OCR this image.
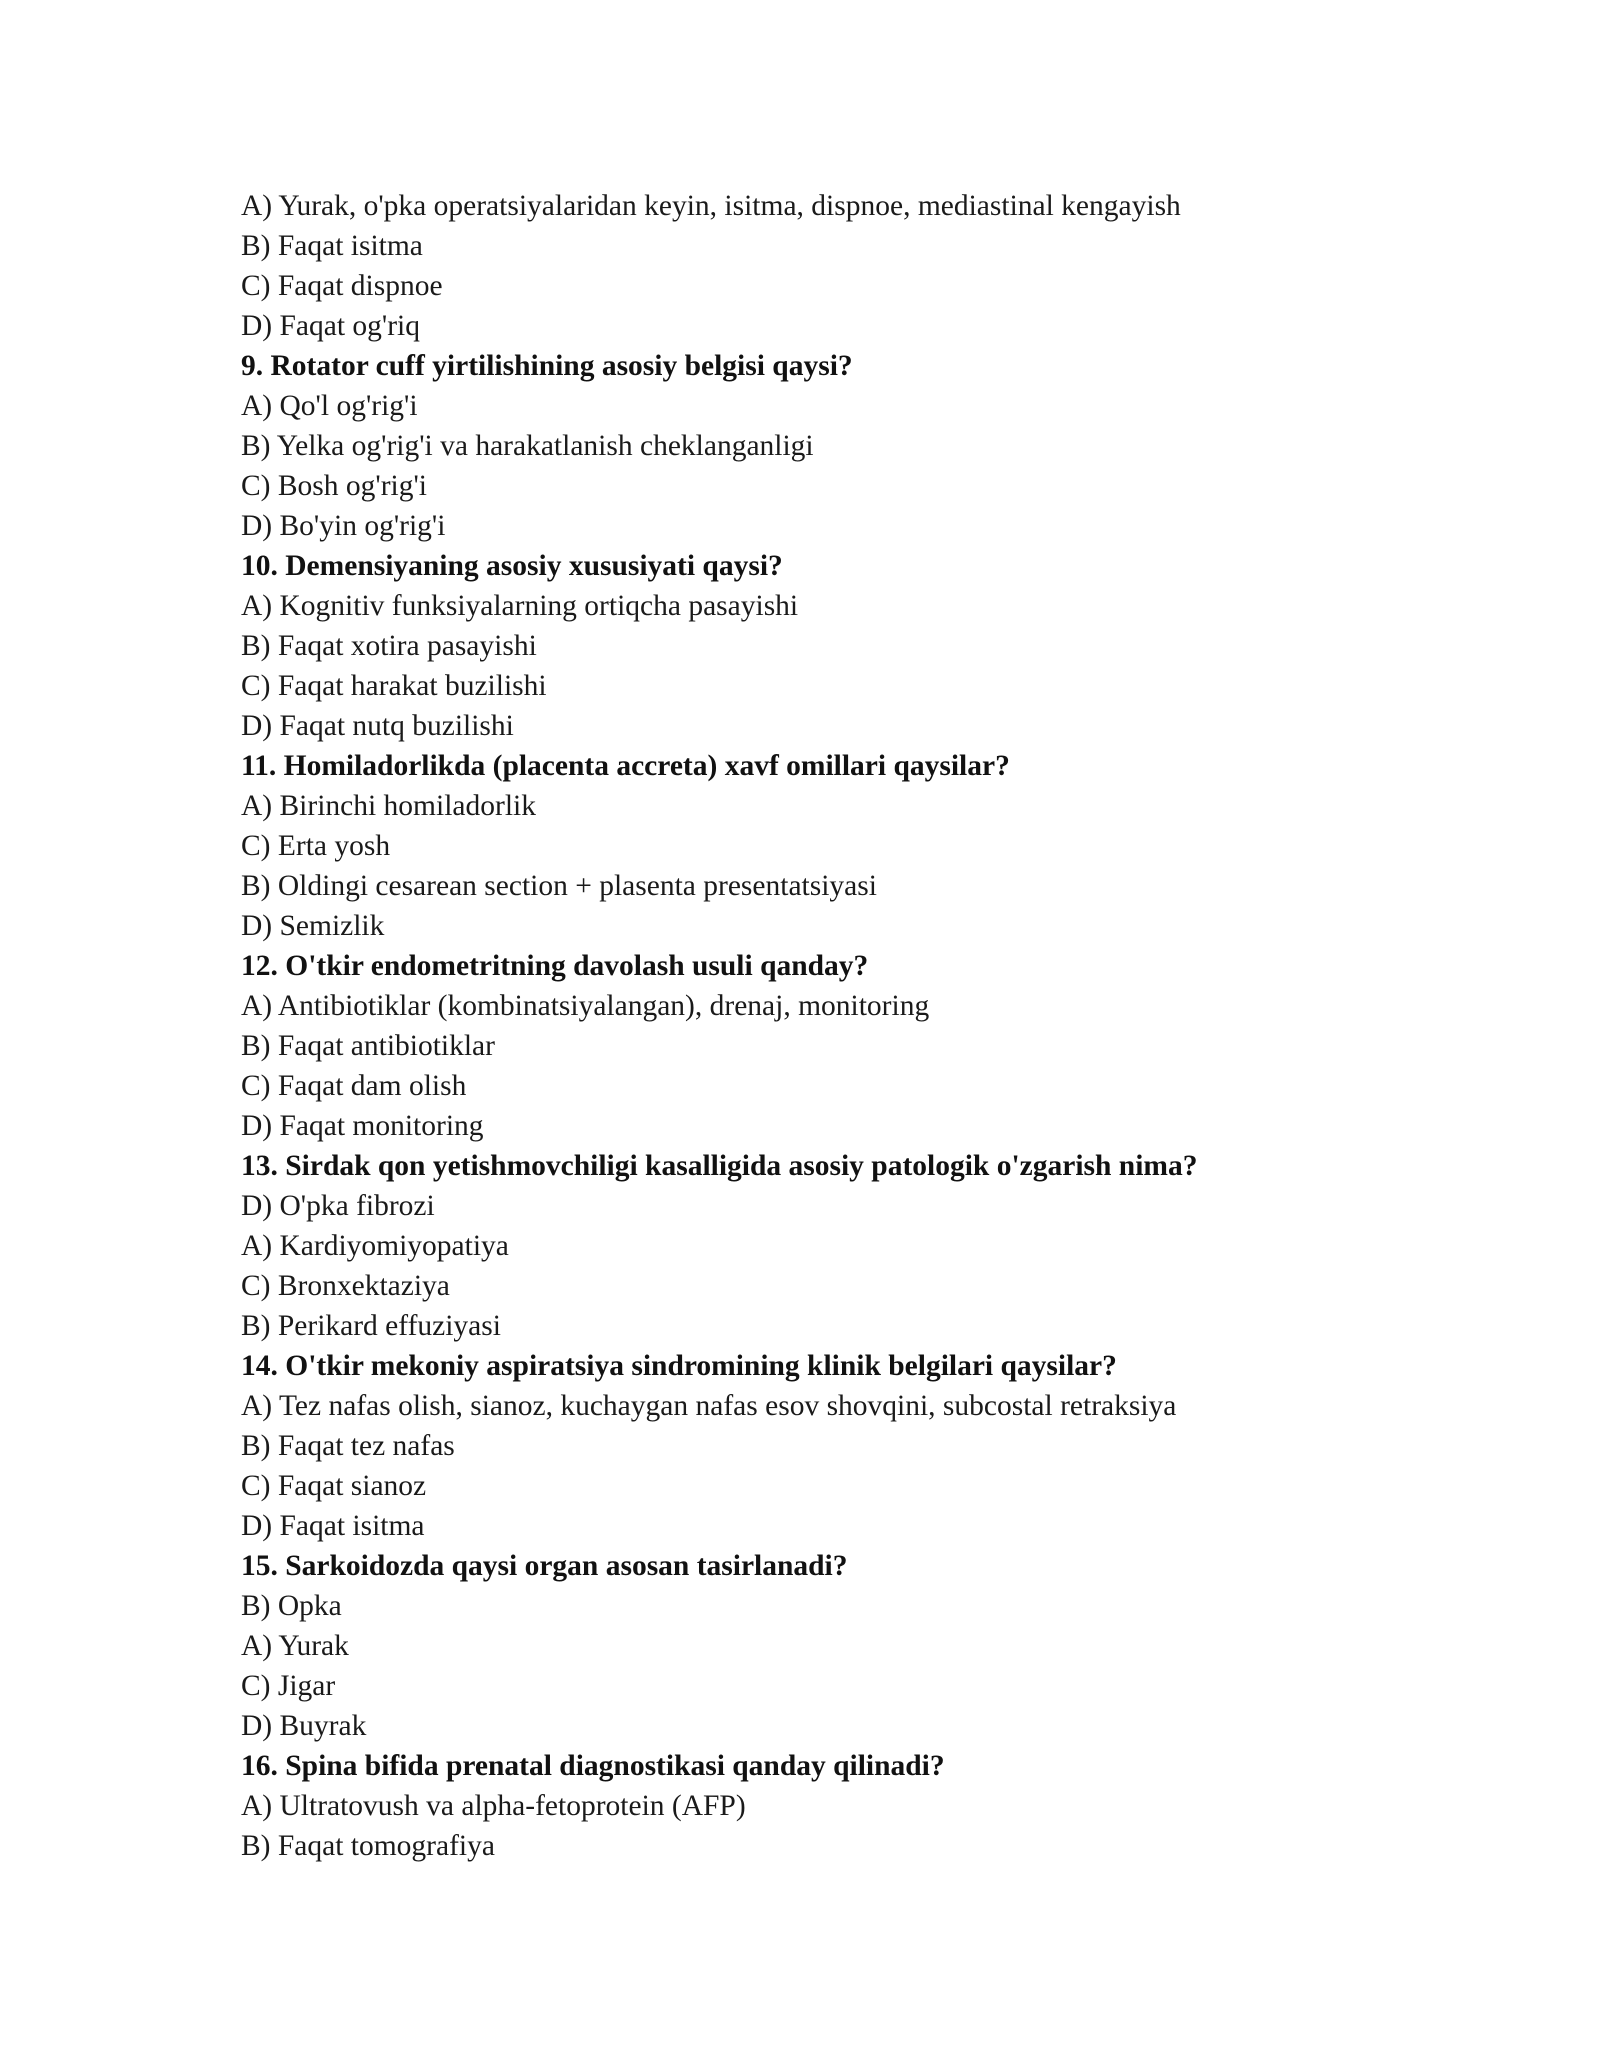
A) Yurak, o'pka operatsiyalaridan keyin, isitma, dispnoe, mediastinal kengayish
B) Faqat isitma
C) Faqat dispnoe
D) Faqat og'riq
9. Rotator cuff yirtilishining asosiy belgisi qaysi?
A) Qo'l og'rig'i
B) Yelka og'rig'i va harakatlanish cheklanganligi
C) Bosh og'rig'i
D) Bo'yin og'rig'i
10. Demensiyaning asosiy xususiyati qaysi?
A) Kognitiv funksiyalarning ortiqcha pasayishi
B) Faqat xotira pasayishi
C) Faqat harakat buzilishi
D) Faqat nutq buzilishi
11. Homiladorlikda (placenta accreta) xavf omillari qaysilar?
A) Birinchi homiladorlik
C) Erta yosh
B) Oldingi cesarean section + plasenta presentatsiyasi
D) Semizlik
12. O'tkir endometritning davolash usuli qanday?
A) Antibiotiklar (kombinatsiyalangan), drenaj, monitoring
B) Faqat antibiotiklar
C) Faqat dam olish
D) Faqat monitoring
13. Sirdak qon yetishmovchiligi kasalligida asosiy patologik o'zgarish nima?
D) O'pka fibrozi
A) Kardiyomiyopatiya
C) Bronxektaziya
B) Perikard effuziyasi
14. O'tkir mekoniy aspiratsiya sindromining klinik belgilari qaysilar?
A) Tez nafas olish, sianoz, kuchaygan nafas esov shovqini, subcostal retraksiya
B) Faqat tez nafas
C) Faqat sianoz
D) Faqat isitma
15. Sarkoidozda qaysi organ asosan tasirlanadi?
B) Opka
A) Yurak
C) Jigar
D) Buyrak
16. Spina bifida prenatal diagnostikasi qanday qilinadi?
A) Ultratovush va alpha-fetoprotein (AFP)
B) Faqat tomografiya
